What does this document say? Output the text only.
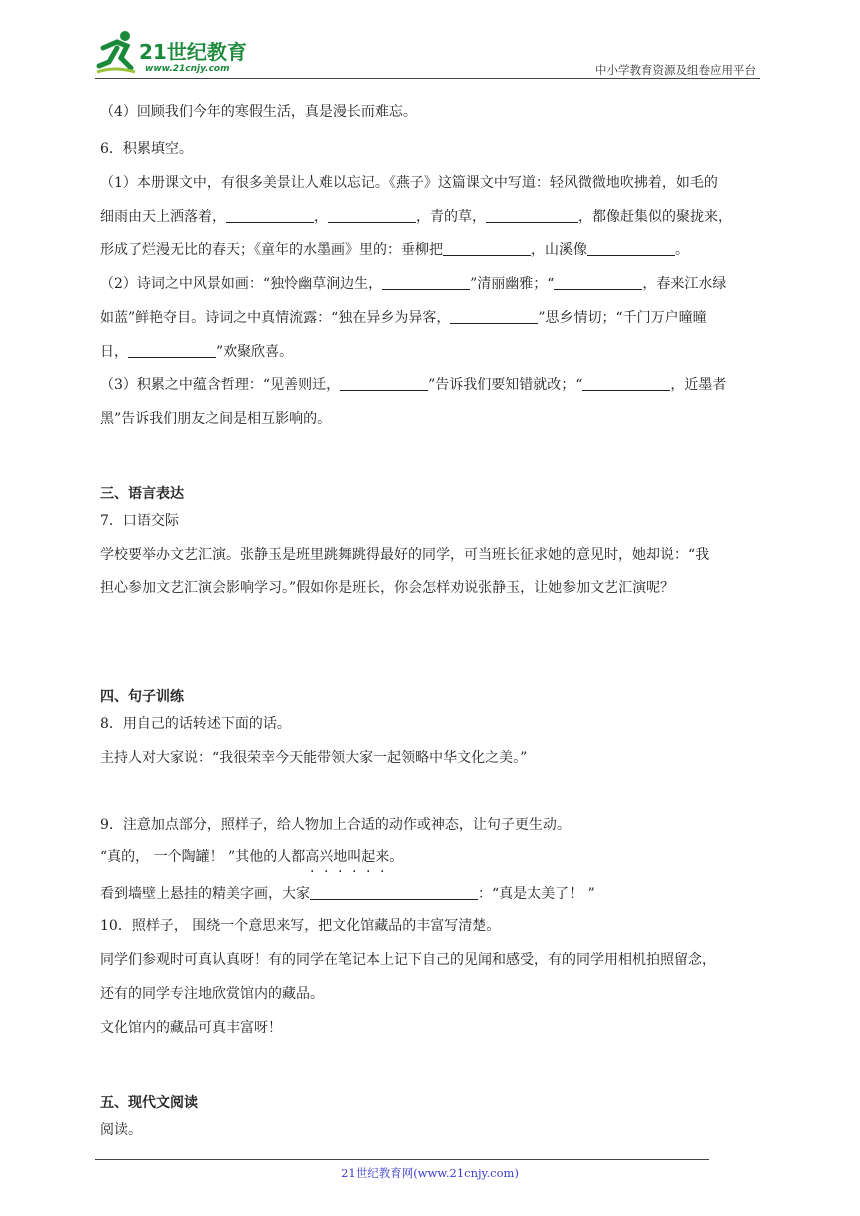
21世纪教育
www.21cnjy.com	中小学教育资源及组卷应用平台
（4）回顾我们今年的寒假生活，真是漫长而难忘。
6．积累填空。
（1）本册课文中，有很多美景让人难以忘记。《燕子》这篇课文中写道：轻风微微地吹拂着，如毛的
细雨由天上洒落着，	，	，青的草，	，都像赶集似的聚拢来，
形成了烂漫无比的春天；《童年的水墨画》里的：垂柳把	，山溪像	。
（2）诗词之中风景如画：“独怜幽草涧边生，	”清丽幽雅；“	，春来江水绿
如蓝”鲜艳夺目。诗词之中真情流露：“独在异乡为异客，	”思乡情切；“千门万户曈曈
日，	”欢聚欣喜。
（3）积累之中蕴含哲理：“见善则迁，	”告诉我们要知错就改；“	，近墨者
黑”告诉我们朋友之间是相互影响的。
三、语言表达
7．口语交际
学校要举办文艺汇演。张静玉是班里跳舞跳得最好的同学，可当班长征求她的意见时，她却说：“我
担心参加文艺汇演会影响学习。”假如你是班长，你会怎样劝说张静玉，让她参加文艺汇演呢？
四、句子训练
8．用自己的话转述下面的话。
主持人对大家说：“我很荣幸今天能带领大家一起领略中华文化之美。”
9．注意加点部分，照样子，给人物加上合适的动作或神态，让句子更生动。
“真的， 一个陶罐！ ”其他的人都高兴地叫起来。
看到墙壁上悬挂的精美字画，大家	：“真是太美了！ ”
10．照样子， 围绕一个意思来写，把文化馆藏品的丰富写清楚。
同学们参观时可真认真呀！有的同学在笔记本上记下自己的见闻和感受，有的同学用相机拍照留念，
还有的同学专注地欣赏馆内的藏品。
文化馆内的藏品可真丰富呀！
五、现代文阅读
阅读。
21世纪教育网(www.21cnjy.com)
